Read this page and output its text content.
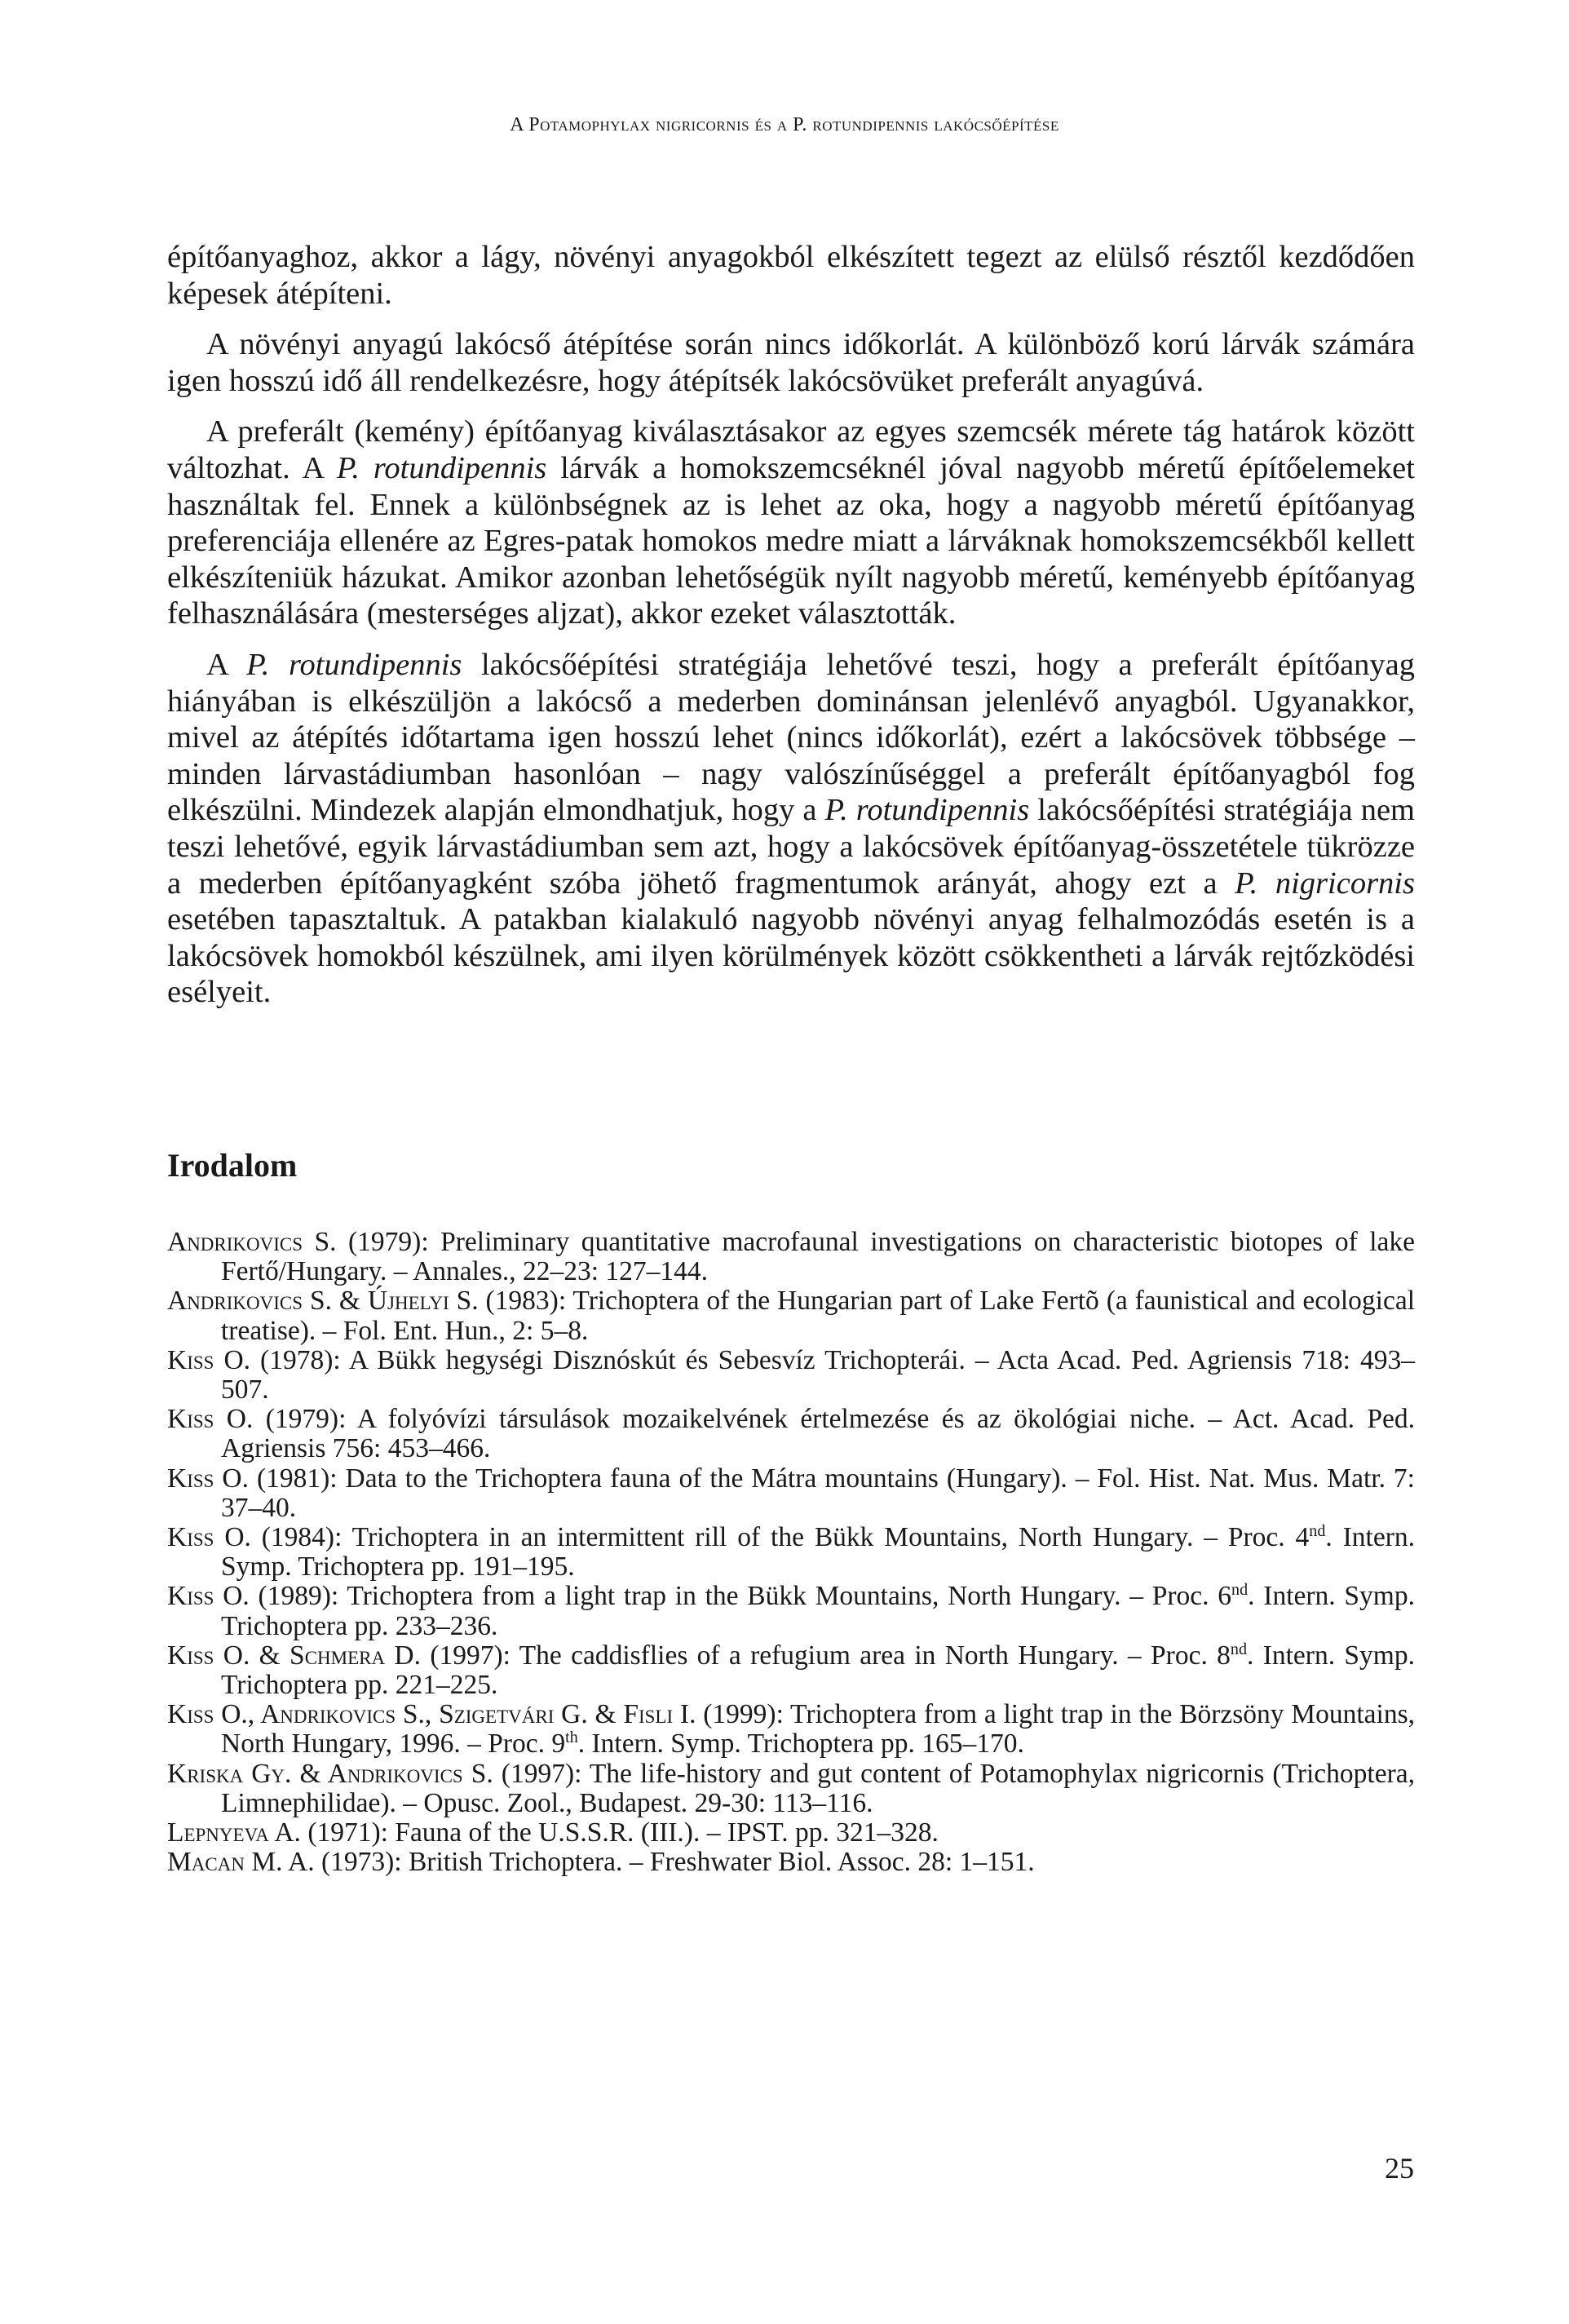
A Potamophylax nigricornis és a P. rotundipennis lakócsőépítése

építőanyaghoz, akkor a lágy, növényi anyagokból elkészített tegezt az elülső résztől kezdődően képesek átépíteni.

A növényi anyagú lakócső átépítése során nincs időkorlát. A különböző korú lárvák számára igen hosszú idő áll rendelkezésre, hogy átépítsék lakócsövüket preferált anyagúvá.

A preferált (kemény) építőanyag kiválasztásakor az egyes szemcsék mérete tág határok között változhat. A P. rotundipennis lárvák a homokszemcséknél jóval nagyobb méretű építőelemeket használtak fel. Ennek a különbségnek az is lehet az oka, hogy a nagyobb méretű építőanyag preferenciája ellenére az Egres-patak homokos medre miatt a lárváknak homokszemcsékből kellett elkészíteniük házukat. Amikor azonban lehetőségük nyílt nagyobb méretű, keményebb építőanyag felhasználására (mesterséges aljzat), akkor ezeket választották.

A P. rotundipennis lakócsőépítési stratégiája lehetővé teszi, hogy a preferált építőanyag hiányában is elkészüljön a lakócső a mederben dominánsan jelenlévő anyagból. Ugyanakkor, mivel az átépítés időtartama igen hosszú lehet (nincs időkorlát), ezért a lakócsövek többsége – minden lárvastádiumban hasonlóan – nagy valószínűséggel a preferált építőanyagból fog elkészülni. Mindezek alapján elmondhatjuk, hogy a P. rotundipennis lakócsőépítési stratégiája nem teszi lehetővé, egyik lárvastádiumban sem azt, hogy a lakócsövek építőanyag-összetétele tükrözze a mederben építőanyagként szóba jöhető fragmentumok arányát, ahogy ezt a P. nigricornis esetében tapasztaltuk. A patakban kialakuló nagyobb növényi anyag felhalmozódás esetén is a lakócsövek homokból készülnek, ami ilyen körülmények között csökkentheti a lárvák rejtőzködési esélyeit.

Irodalom
Andrikovics S. (1979): Preliminary quantitative macrofaunal investigations on characteristic biotopes of lake Fertő/Hungary. – Annales., 22–23: 127–144.
Andrikovics S. & Újhelyi S. (1983): Trichoptera of the Hungarian part of Lake Fertõ (a faunistical and ecological treatise). – Fol. Ent. Hun., 2: 5–8.
Kiss O. (1978): A Bükk hegységi Disznóskút és Sebesvíz Trichopterái. – Acta Acad. Ped. Agriensis 718: 493–507.
Kiss O. (1979): A folyóvízi társulások mozaikelvének értelmezése és az ökológiai niche. – Act. Acad. Ped. Agriensis 756: 453–466.
Kiss O. (1981): Data to the Trichoptera fauna of the Mátra mountains (Hungary). – Fol. Hist. Nat. Mus. Matr. 7: 37–40.
Kiss O. (1984): Trichoptera in an intermittent rill of the Bükk Mountains, North Hungary. – Proc. 4nd. Intern. Symp. Trichoptera pp. 191–195.
Kiss O. (1989): Trichoptera from a light trap in the Bükk Mountains, North Hungary. – Proc. 6nd. Intern. Symp. Trichoptera pp. 233–236.
Kiss O. & Schmera D. (1997): The caddisflies of a refugium area in North Hungary. – Proc. 8nd. Intern. Symp. Trichoptera pp. 221–225.
Kiss O., Andrikovics S., Szigetvári G. & Fisli I. (1999): Trichoptera from a light trap in the Börzsöny Mountains, North Hungary, 1996. – Proc. 9th. Intern. Symp. Trichoptera pp. 165–170.
Kriska Gy. & Andrikovics S. (1997): The life-history and gut content of Potamophylax nigricornis (Trichoptera, Limnephilidae). – Opusc. Zool., Budapest. 29-30: 113–116.
Lepnyeva A. (1971): Fauna of the U.S.S.R. (III.). – IPST. pp. 321–328.
Macan M. A. (1973): British Trichoptera. – Freshwater Biol. Assoc. 28: 1–151.
25
